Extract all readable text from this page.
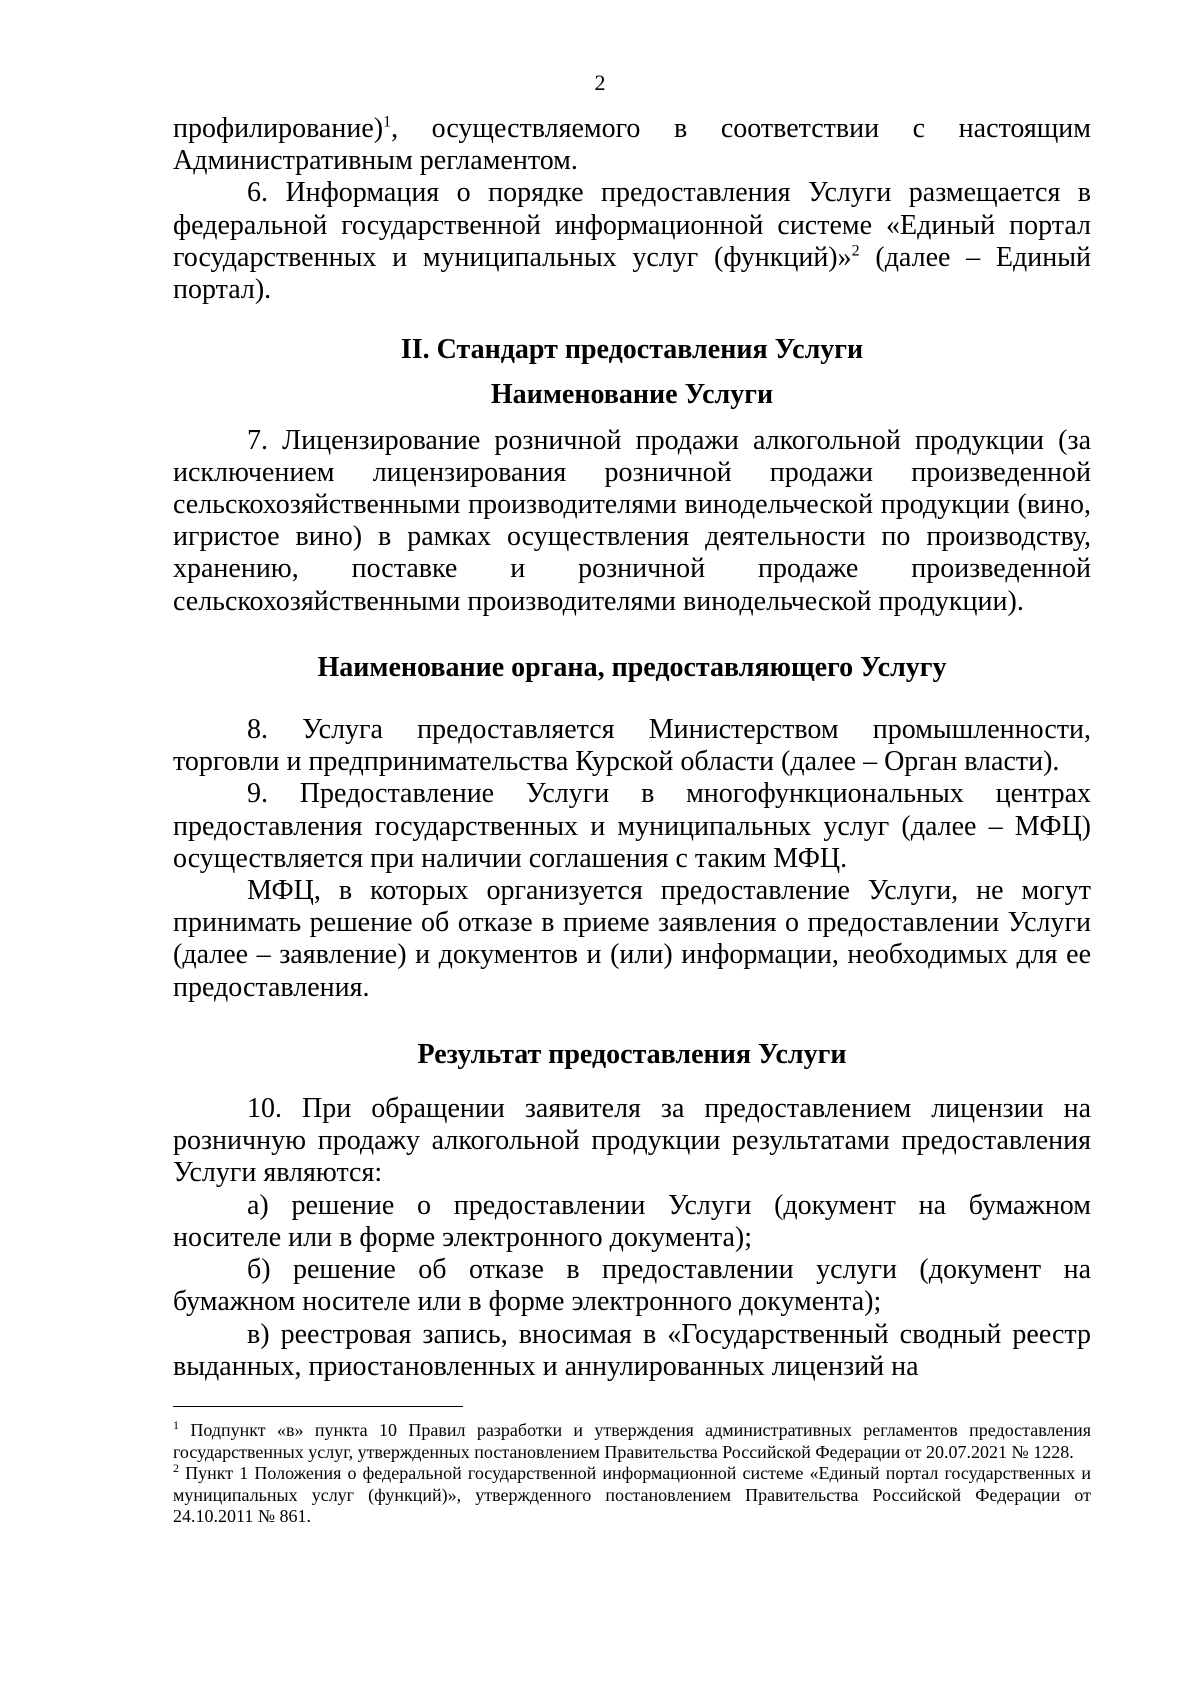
2

профилирование)$^1$, осуществляемого в соответствии с настоящим Административным регламентом.

6. Информация о порядке предоставления Услуги размещается в федеральной государственной информационной системе «Единый портал государственных и муниципальных услуг (функций)»$^2$ (далее – Единый портал).

II. Стандарт предоставления Услуги
Наименование Услуги

7. Лицензирование розничной продажи алкогольной продукции (за исключением лицензирования розничной продажи произведенной сельскохозяйственными производителями винодельческой продукции (вино, игристое вино) в рамках осуществления деятельности по производству, хранению, поставке и розничной продаже произведенной сельскохозяйственными производителями винодельческой продукции).

Наименование органа, предоставляющего Услугу

8. Услуга предоставляется Министерством промышленности, торговли и предпринимательства Курской области (далее – Орган власти).

9. Предоставление Услуги в многофункциональных центрах предоставления государственных и муниципальных услуг (далее – МФЦ) осуществляется при наличии соглашения с таким МФЦ.

МФЦ, в которых организуется предоставление Услуги, не могут принимать решение об отказе в приеме заявления о предоставлении Услуги (далее – заявление) и документов и (или) информации, необходимых для ее предоставления.

Результат предоставления Услуги

10. При обращении заявителя за предоставлением лицензии на розничную продажу алкогольной продукции результатами предоставления Услуги являются:

а) решение о предоставлении Услуги (документ на бумажном носителе или в форме электронного документа);

б) решение об отказе в предоставлении услуги (документ на бумажном носителе или в форме электронного документа);

в) реестровая запись, вносимая в «Государственный сводный реестр выданных, приостановленных и аннулированных лицензий на

$^1$ Подпункт «в» пункта 10 Правил разработки и утверждения административных регламентов предоставления государственных услуг, утвержденных постановлением Правительства Российской Федерации от 20.07.2021 № 1228.

$^2$ Пункт 1 Положения о федеральной государственной информационной системе «Единый портал государственных и муниципальных услуг (функций)», утвержденного постановлением Правительства Российской Федерации от 24.10.2011 № 861.
